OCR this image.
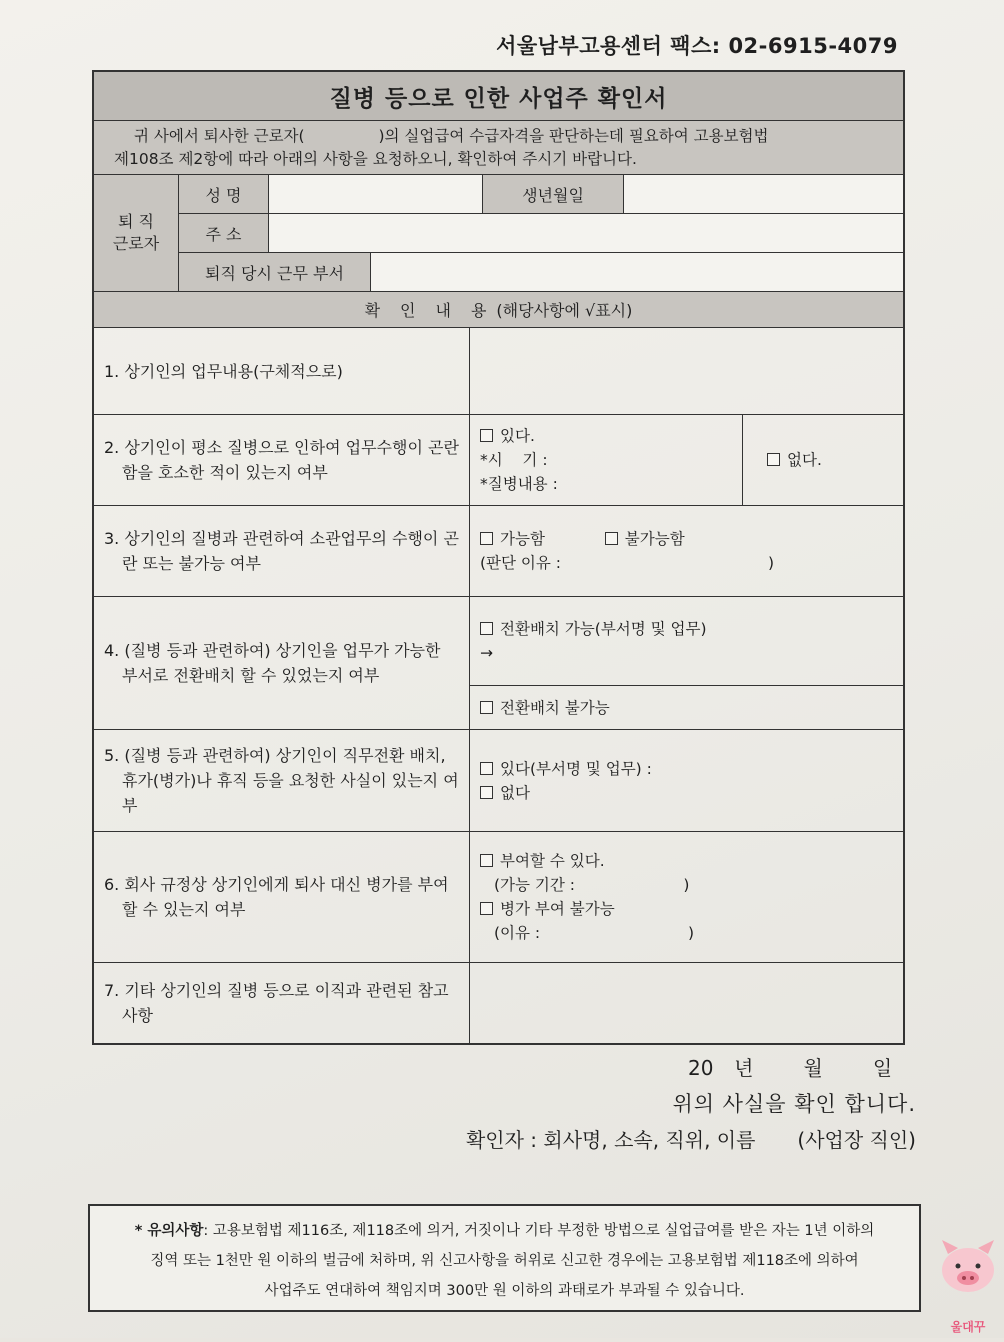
서울남부고용센터 팩스: 02-6915-4079
질병 등으로 인한 사업주 확인서
귀 사에서 퇴사한 근로자(               )의 실업급여 수급자격을 판단하는데 필요하여 고용보험법
제108조 제2항에 따라 아래의 사항을 요청하오니, 확인하여 주시기 바랍니다.
퇴 직
근로자
성 명	생년월일
주 소
퇴직 당시 근무 부서
확인내용
(해당사항에 √표시)
1. 상기인의 업무내용(구체적으로)
2. 상기인이 평소 질병으로 인하여 업무수행이 곤란함을 호소한 적이 있는지 여부
있다.
*시    기 :
*질병내용 :
없다.
3. 상기인의 질병과 관련하여 소관업무의 수행이 곤란 또는 불가능 여부
가능함	불가능함
(판단 이유 :                                          )
4. (질병 등과 관련하여) 상기인을 업무가 가능한 부서로 전환배치 할 수 있었는지 여부
전환배치 가능(부서명 및 업무)
→
전환배치 불가능
5. (질병 등과 관련하여) 상기인이 직무전환 배치, 휴가(병가)나 휴직 등을 요청한 사실이 있는지 여부
있다(부서명 및 업무) :
없다
6. 회사 규정상 상기인에게 퇴사 대신 병가를 부여 할 수 있는지 여부
부여할 수 있다.
(가능 기간 :                      )
병가 부여 불가능
(이유 :                              )
7. 기타 상기인의 질병 등으로 이직과 관련된 참고사항
20  년	월	일
위의 사실을 확인 합니다.
확인자 : 회사명, 소속, 직위, 이름 (사업장 직인)
* 유의사항: 고용보험법 제116조, 제118조에 의거, 거짓이나 기타 부정한 방법으로 실업급여를 받은 자는 1년 이하의
징역 또는 1천만 원 이하의 벌금에 처하며, 위 신고사항을 허위로 신고한 경우에는 고용보험법 제118조에 의하여
사업주도 연대하여 책임지며 300만 원 이하의 과태로가 부과될 수 있습니다.
울대꾸
